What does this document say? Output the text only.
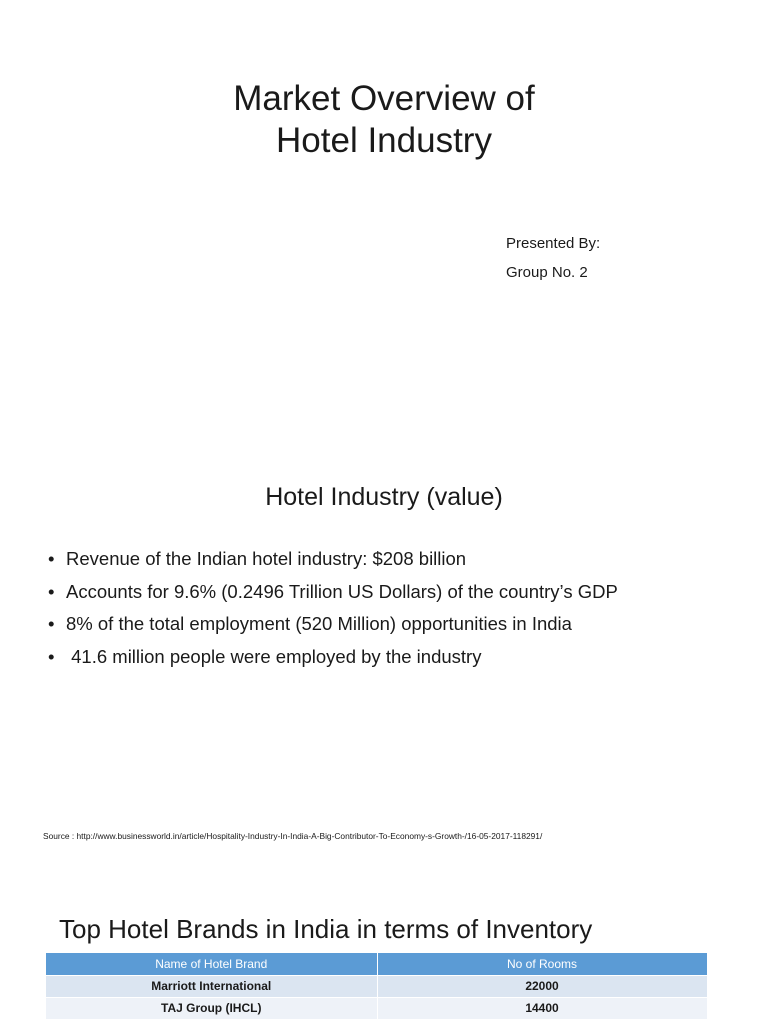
Market Overview of
Hotel Industry
Presented By:
Group No. 2
Hotel Industry (value)
• Revenue of the Indian hotel industry: $208 billion
• Accounts for 9.6% (0.2496 Trillion US Dollars) of the country’s GDP
• 8% of the total employment (520 Million) opportunities in India
• 41.6 million people were employed by the industry
Source : http://www.businessworld.in/article/Hospitality-Industry-In-India-A-Big-Contributor-To-Economy-s-Growth-/16-05-2017-118291/
Top Hotel Brands in India in terms of Inventory
Name of Hotel Brand	No of Rooms
Marriott International	22000
TAJ Group (IHCL)	14400
